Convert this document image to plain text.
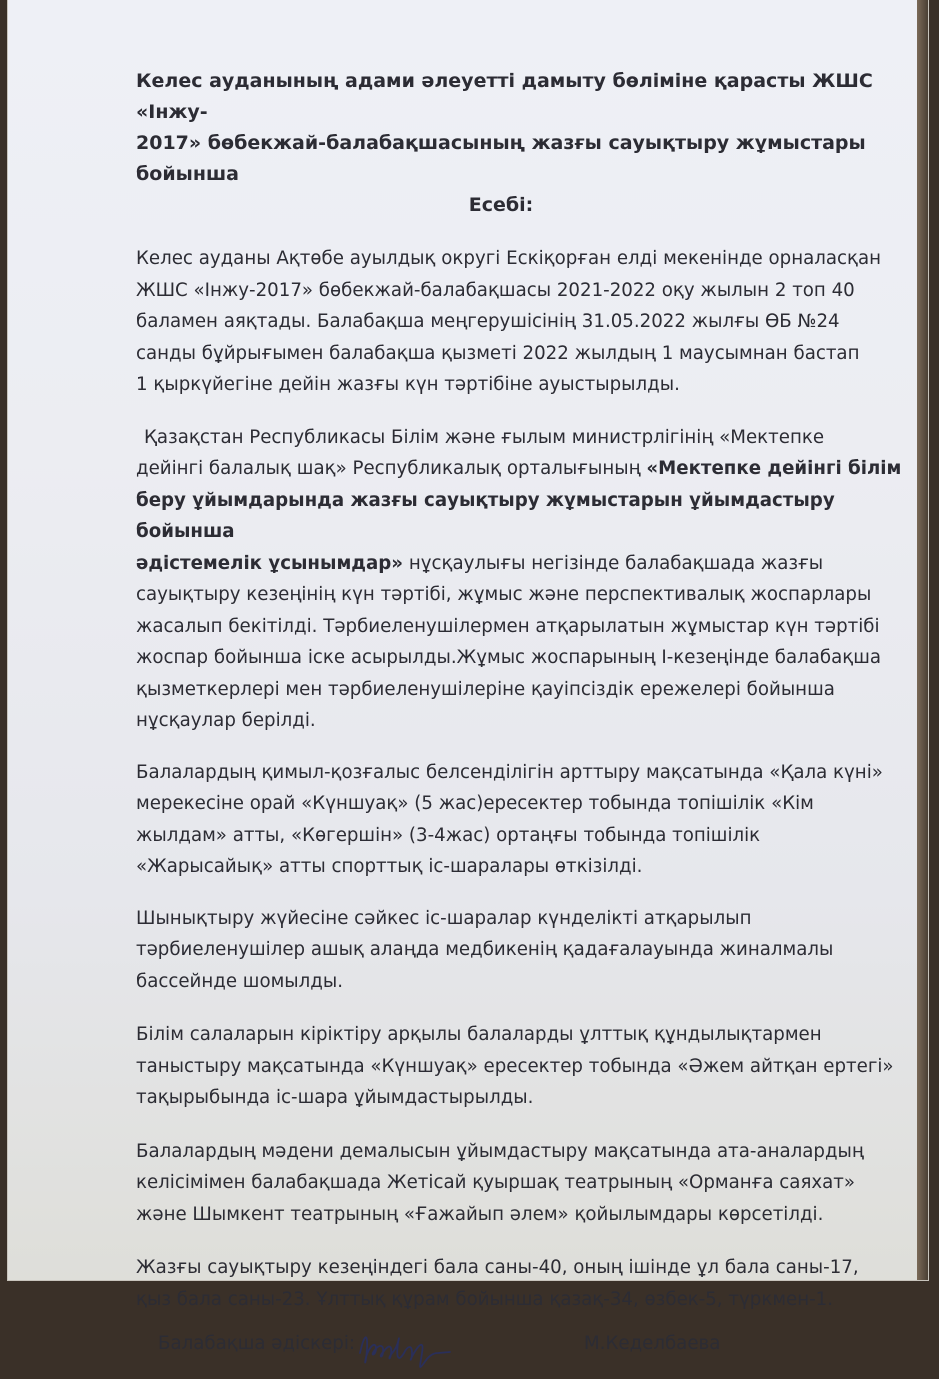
Келес ауданының адами әлеуетті дамыту бөліміне қарасты ЖШС «Інжу-
2017» бөбекжай-балабақшасының жазғы сауықтыру жұмыстары бойынша
Есебі:

Келес ауданы Ақтөбе ауылдық округі Ескіқорған елді мекенінде орналасқан
ЖШС «Інжу-2017» бөбекжай-балабақшасы 2021-2022 оқу жылын 2 топ 40
баламен аяқтады. Балабақша меңгерушісінің 31.05.2022 жылғы ӨБ №24
санды бұйрығымен балабақша қызметі 2022 жылдың 1 маусымнан бастап
1 қыркүйегіне дейін жазғы күн тәртібіне ауыстырылды.

Қазақстан Республикасы Білім және ғылым министрлігінің «Мектепке
дейінгі балалық шақ» Республикалық орталығының «Мектепке дейінгі білім
беру ұйымдарында жазғы сауықтыру жұмыстарын ұйымдастыру бойынша
әдістемелік ұсынымдар» нұсқаулығы негізінде балабақшада жазғы
сауықтыру кезеңінің күн тәртібі, жұмыс және перспективалық жоспарлары
жасалып бекітілді. Тәрбиеленушілермен атқарылатын жұмыстар күн тәртібі
жоспар бойынша іске асырылды.Жұмыс жоспарының І-кезеңінде балабақша
қызметкерлері мен тәрбиеленушілеріне қауіпсіздік ережелері бойынша
нұсқаулар берілді.

Балалардың қимыл-қозғалыс белсенділігін арттыру мақсатында «Қала күні»
мерекесіне орай «Күншуақ» (5 жас)ересектер тобында топішілік «Кім
жылдам» атты, «Көгершін» (3-4жас) ортаңғы тобында топішілік
«Жарысайық» атты спорттық іс-шаралары өткізілді.

Шынықтыру жүйесіне сәйкес іс-шаралар күнделікті атқарылып
тәрбиеленушілер ашық алаңда медбикенің қадағалауында жиналмалы
бассейнде шомылды.

Білім салаларын кіріктіру арқылы балаларды ұлттық құндылықтармен
таныстыру мақсатында «Күншуақ» ересектер тобында «Әжем айтқан ертегі»
тақырыбында іс-шара ұйымдастырылды.

Балалардың мәдени демалысын ұйымдастыру мақсатында ата-аналардың
келісімімен балабақшада Жетісай қуыршақ театрының «Орманға саяхат»
және Шымкент театрының «Ғажайып әлем» қойылымдары көрсетілді.

Жазғы сауықтыру кезеңіндегі бала саны-40, оның ішінде ұл бала саны-17,
қыз бала саны-23. Ұлттық құрам бойынша қазақ-34, өзбек-5, түркмен-1.

Балабақша әдіскері:	М.Кеделбаева
